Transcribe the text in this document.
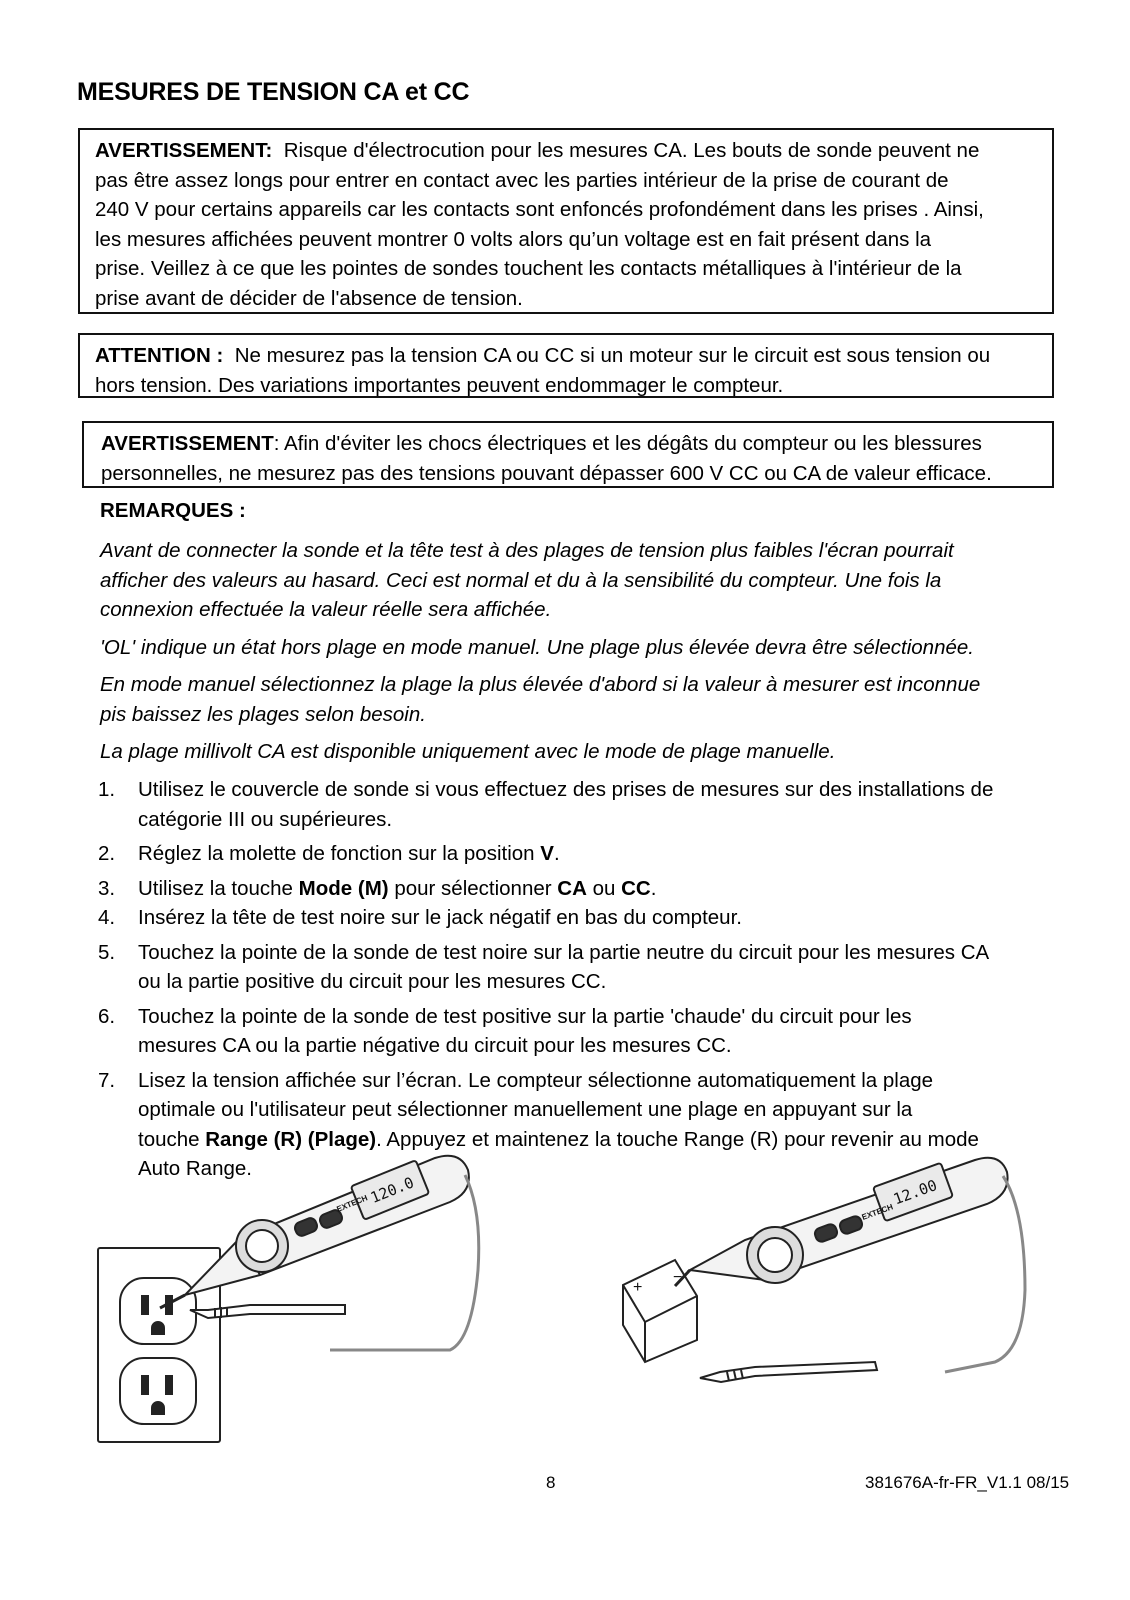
MESURES DE TENSION CA et CC
AVERTISSEMENT: Risque d'électrocution pour les mesures CA. Les bouts de sonde peuvent ne
pas être assez longs pour entrer en contact avec les parties intérieur de la prise de courant de
240 V pour certains appareils car les contacts sont enfoncés profondément dans les prises . Ainsi,
les mesures affichées peuvent montrer 0 volts alors qu’un voltage est en fait présent dans la
prise. Veillez à ce que les pointes de sondes touchent les contacts métalliques à l'intérieur de la
prise avant de décider de l'absence de tension.
ATTENTION : Ne mesurez pas la tension CA ou CC si un moteur sur le circuit est sous tension ou
hors tension. Des variations importantes peuvent endommager le compteur.
AVERTISSEMENT: Afin d'éviter les chocs électriques et les dégâts du compteur ou les blessures
personnelles, ne mesurez pas des tensions pouvant dépasser 600 V CC ou CA de valeur efficace.
REMARQUES :
Avant de connecter la sonde et la tête test à des plages de tension plus faibles l'écran pourrait
afficher des valeurs au hasard. Ceci est normal et du à la sensibilité du compteur. Une fois la
connexion effectuée la valeur réelle sera affichée.
'OL' indique un état hors plage en mode manuel. Une plage plus élevée devra être sélectionnée.
En mode manuel sélectionnez la plage la plus élevée d'abord si la valeur à mesurer est inconnue
pis baissez les plages selon besoin.
La plage millivolt CA est disponible uniquement avec le mode de plage manuelle.
1. Utilisez le couvercle de sonde si vous effectuez des prises de mesures sur des installations de
catégorie III ou supérieures.
2. Réglez la molette de fonction sur la position V.
3. Utilisez la touche Mode (M) pour sélectionner CA ou CC.
4. Insérez la tête de test noire sur le jack négatif en bas du compteur.
5. Touchez la pointe de la sonde de test noire sur la partie neutre du circuit pour les mesures CA
ou la partie positive du circuit pour les mesures CC.
6. Touchez la pointe de la sonde de test positive sur la partie 'chaude' du circuit pour les
mesures CA ou la partie négative du circuit pour les mesures CC.
7. Lisez la tension affichée sur l’écran. Le compteur sélectionne automatiquement la plage
optimale ou l'utilisateur peut sélectionner manuellement une plage en appuyant sur la
touche Range (R) (Plage). Appuyez et maintenez la touche Range (R) pour revenir au mode
Auto Range.
120.0
EXTECH
+
−
12.00
EXTECH
8	381676A-fr-FR_V1.1 08/15
